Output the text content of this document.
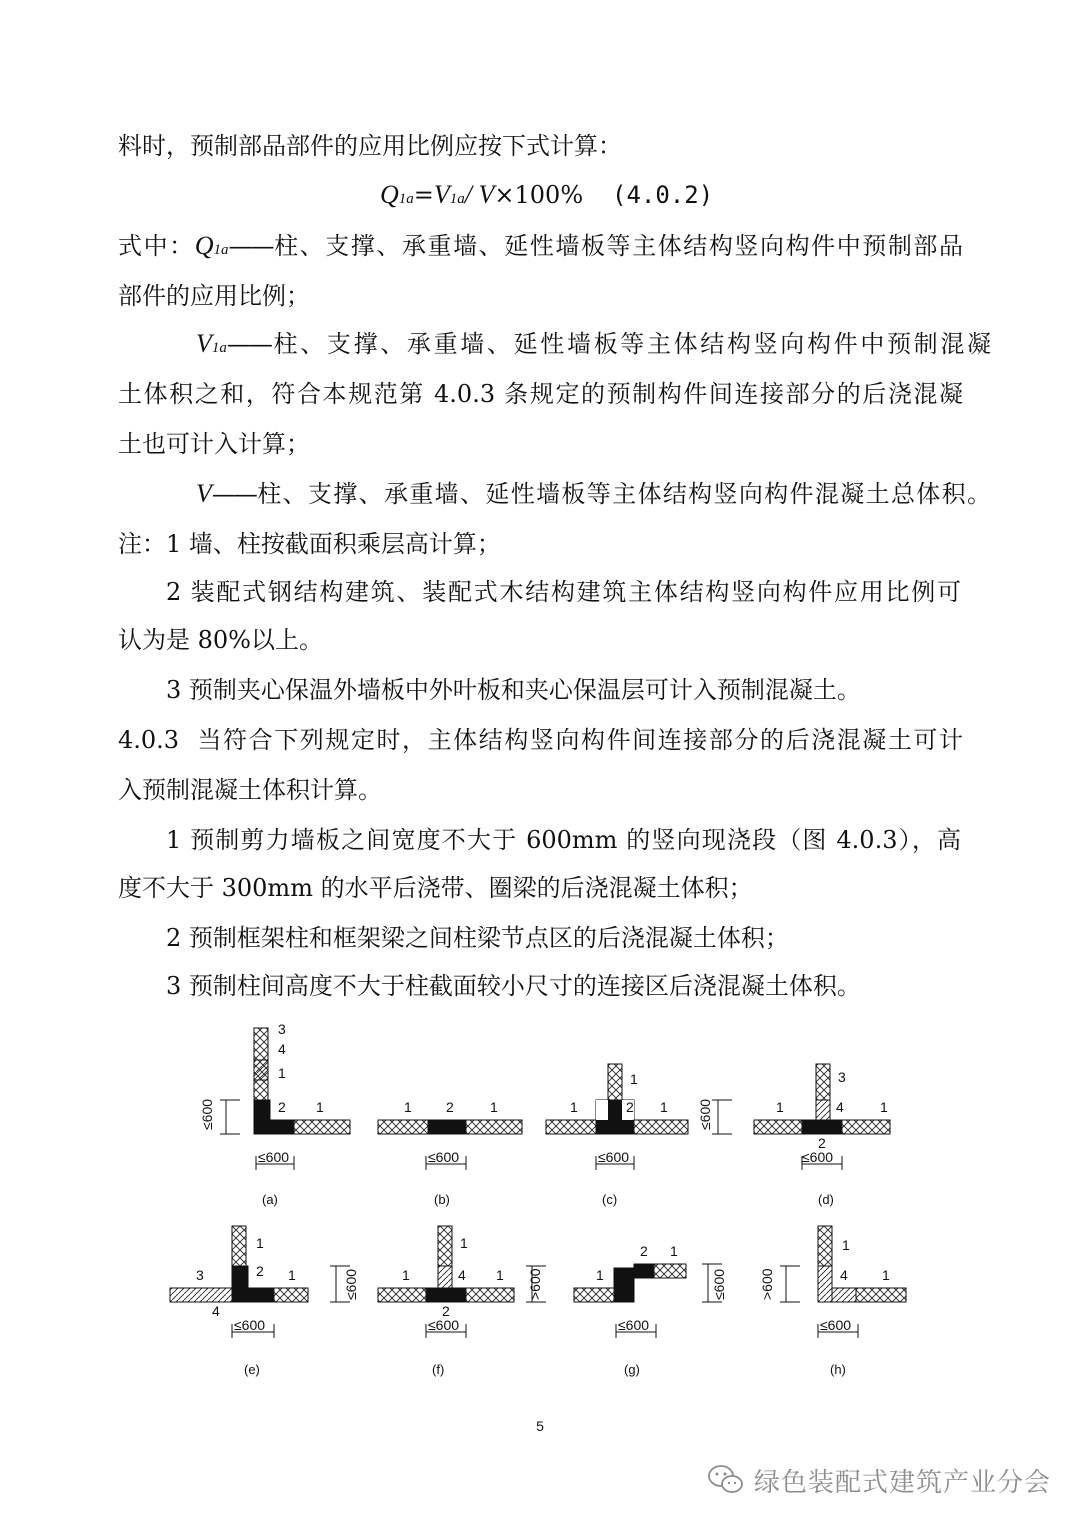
料时，预制部品部件的应用比例应按下式计算：
Q1a=V1a/ V×100% (4.0.2)
式中：Q1a——柱、支撑、承重墙、延性墙板等主体结构竖向构件中预制部品
部件的应用比例；
V1a——柱、支撑、承重墙、延性墙板等主体结构竖向构件中预制混凝
土体积之和，符合本规范第 4.0.3 条规定的预制构件间连接部分的后浇混凝
土也可计入计算；
V——柱、支撑、承重墙、延性墙板等主体结构竖向构件混凝土总体积。
注：1 墙、柱按截面积乘层高计算；
2 装配式钢结构建筑、装配式木结构建筑主体结构竖向构件应用比例可
认为是 80%以上。
3 预制夹心保温外墙板中外叶板和夹心保温层可计入预制混凝土。
4.0.3 当符合下列规定时，主体结构竖向构件间连接部分的后浇混凝土可计
入预制混凝土体积计算。
1 预制剪力墙板之间宽度不大于 600mm 的竖向现浇段（图 4.0.3），高
度不大于 300mm 的水平后浇带、圈梁的后浇混凝土体积；
2 预制框架柱和框架梁之间柱梁节点区的后浇混凝土体积；
3 预制柱间高度不大于柱截面较小尺寸的连接区后浇混凝土体积。
3
4
1
2 1
≤600
≤600
(a)
1 2	1
≤600
(b)
1
1	2 1
≤600
(c)
3
4
1	1
2
≤600
≤600
(d)
1
2 1
3
4
≤600
≤600
(e)
1
4
1	1
2
≤600
(f)
>600
2 1
1	≤600
≤600
(g)
>600
1
4 1
≤600
(h)
5
绿色装配式建筑产业分会
